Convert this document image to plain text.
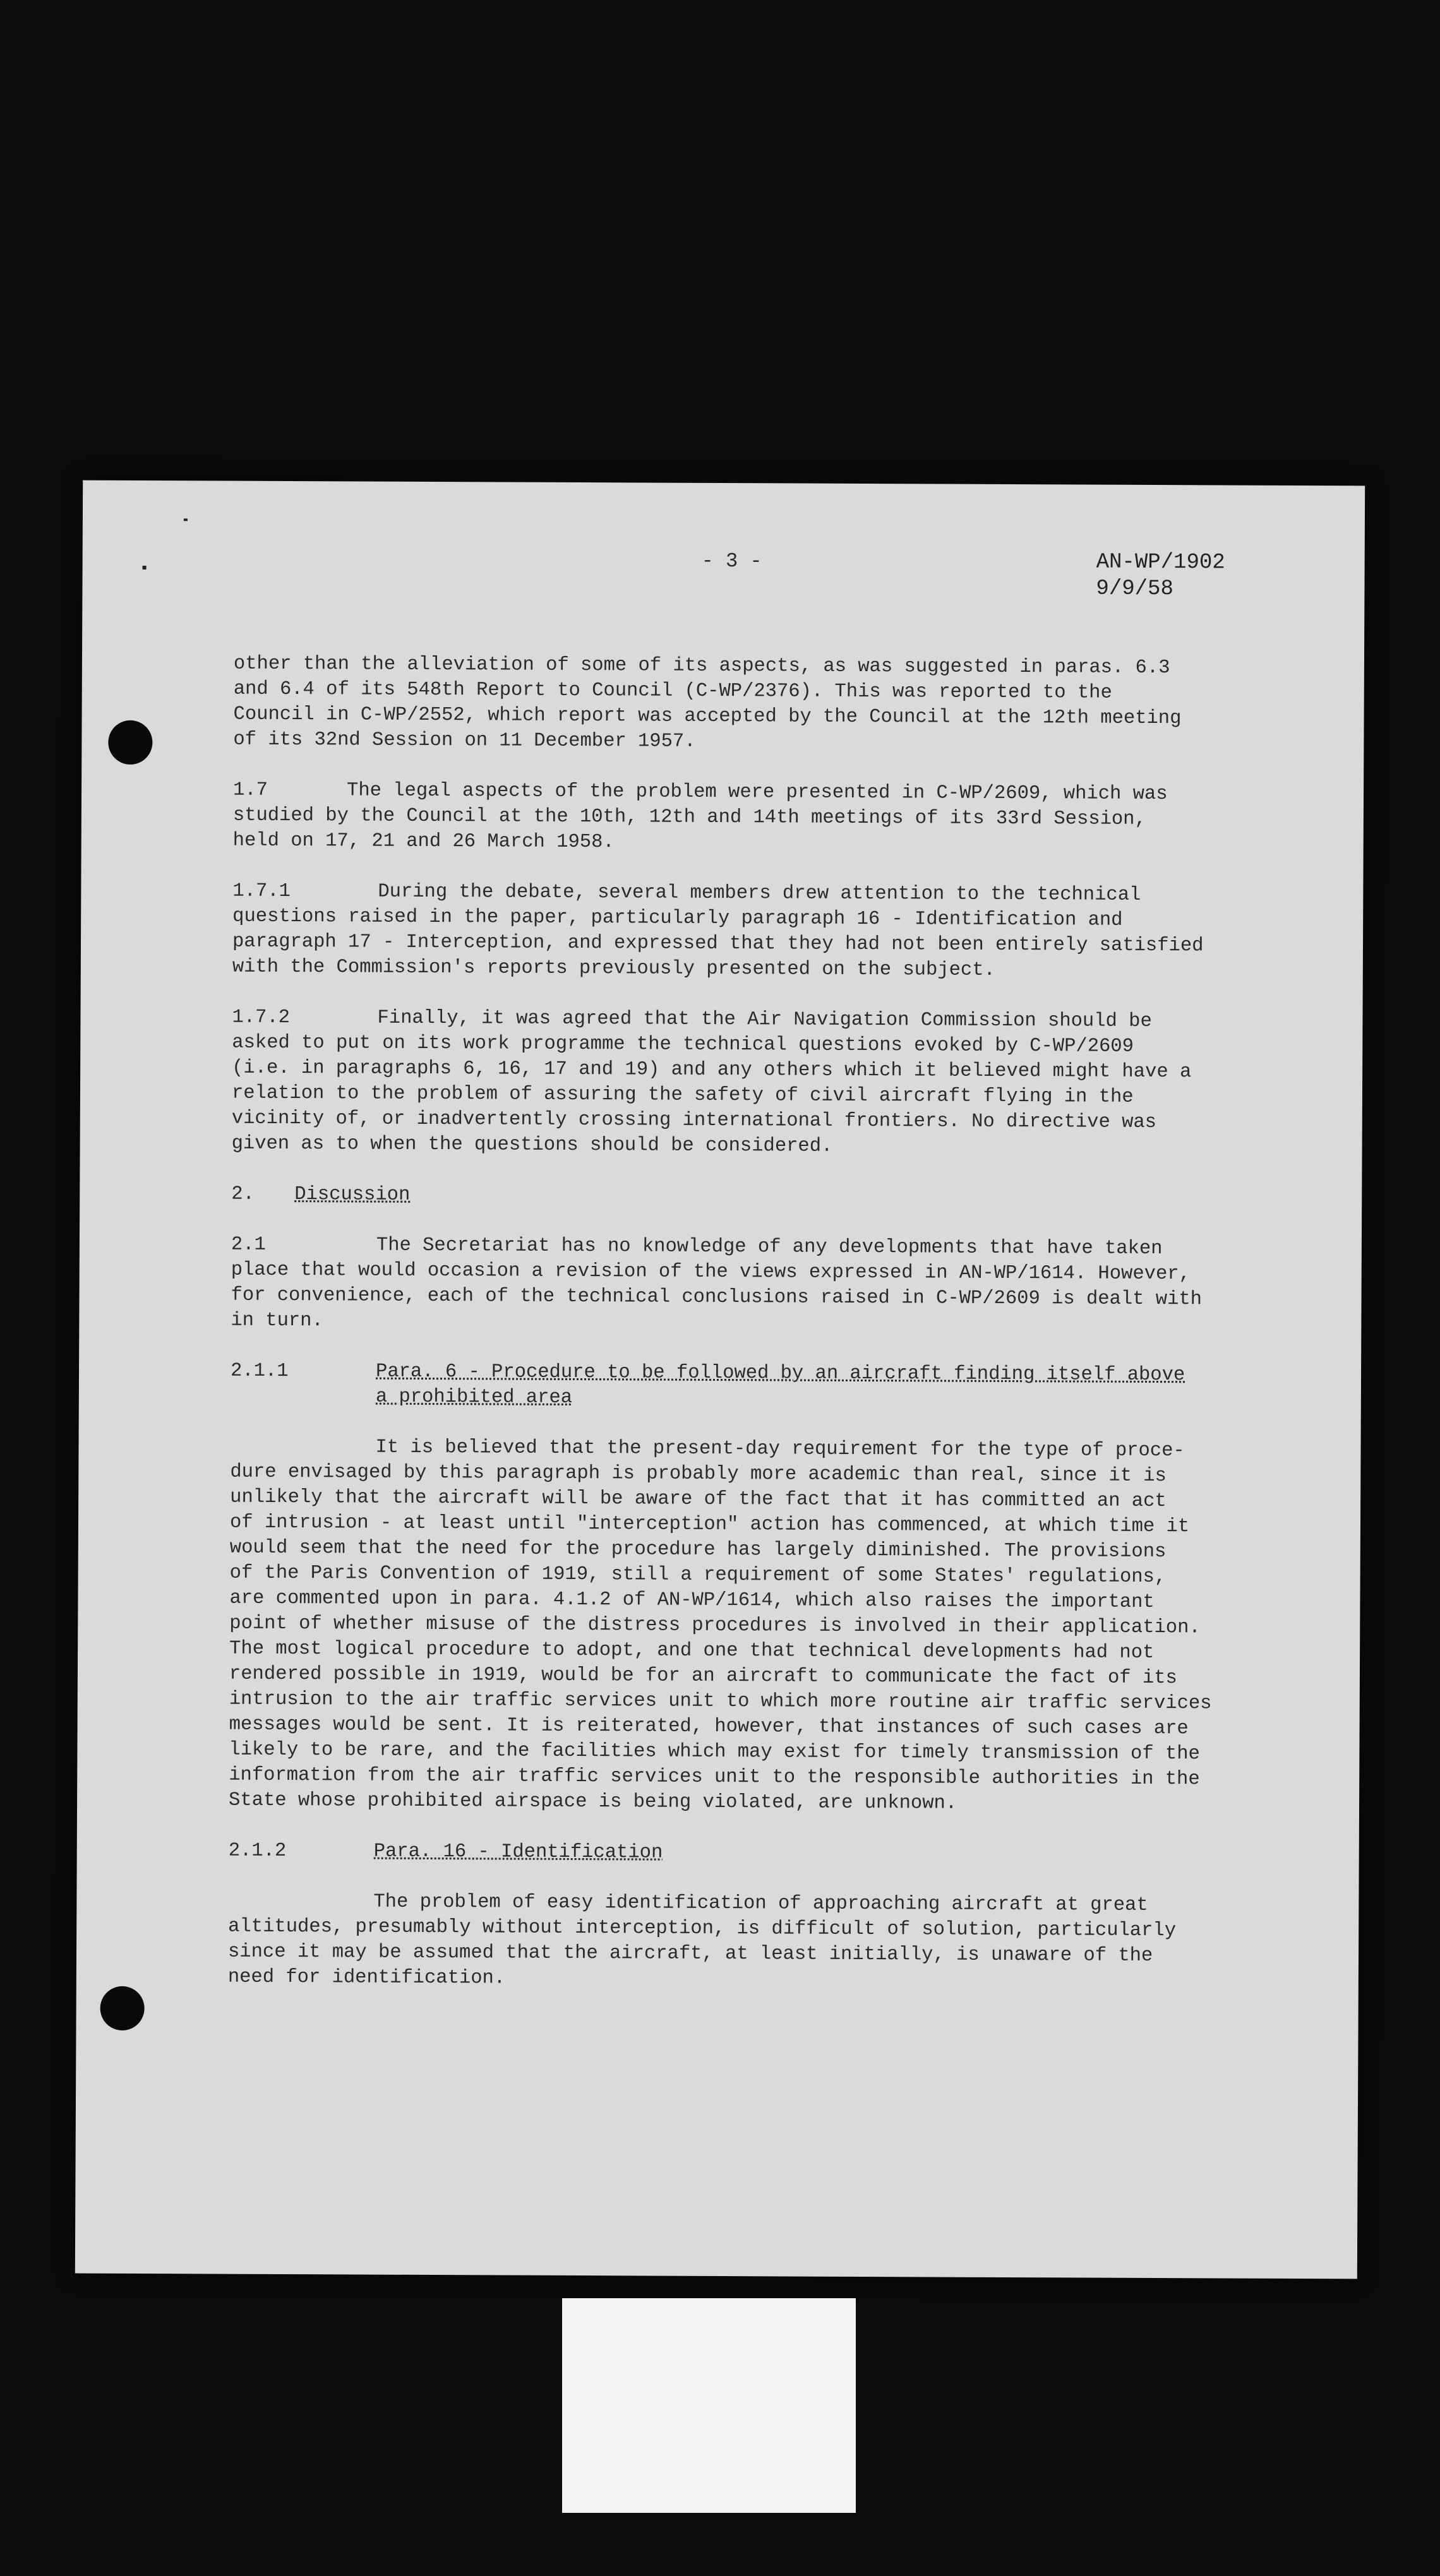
- 3 -	AN-WP/1902
9/9/58
other than the alleviation of some of its aspects, as was suggested in paras. 6.3
and 6.4 of its 548th Report to Council (C-WP/2376). This was reported to the
Council in C-WP/2552, which report was accepted by the Council at the 12th meeting
of its 32nd Session on 11 December 1957.
1.7	The legal aspects of the problem were presented in C-WP/2609, which was
studied by the Council at the 10th, 12th and 14th meetings of its 33rd Session,
held on 17, 21 and 26 March 1958.
1.7.1	During the debate, several members drew attention to the technical
questions raised in the paper, particularly paragraph 16 - Identification and
paragraph 17 - Interception, and expressed that they had not been entirely satisfied
with the Commission's reports previously presented on the subject.
1.7.2	Finally, it was agreed that the Air Navigation Commission should be
asked to put on its work programme the technical questions evoked by C-WP/2609
(i.e. in paragraphs 6, 16, 17 and 19) and any others which it believed might have a
relation to the problem of assuring the safety of civil aircraft flying in the
vicinity of, or inadvertently crossing international frontiers. No directive was
given as to when the questions should be considered.
2. Discussion
2.1	The Secretariat has no knowledge of any developments that have taken
place that would occasion a revision of the views expressed in AN-WP/1614. However,
for convenience, each of the technical conclusions raised in C-WP/2609 is dealt with
in turn.
2.1.1	Para. 6 - Procedure to be followed by an aircraft finding itself above
a prohibited area
It is believed that the present-day requirement for the type of proce-
dure envisaged by this paragraph is probably more academic than real, since it is
unlikely that the aircraft will be aware of the fact that it has committed an act
of intrusion - at least until "interception" action has commenced, at which time it
would seem that the need for the procedure has largely diminished. The provisions
of the Paris Convention of 1919, still a requirement of some States' regulations,
are commented upon in para. 4.1.2 of AN-WP/1614, which also raises the important
point of whether misuse of the distress procedures is involved in their application.
The most logical procedure to adopt, and one that technical developments had not
rendered possible in 1919, would be for an aircraft to communicate the fact of its
intrusion to the air traffic services unit to which more routine air traffic services
messages would be sent. It is reiterated, however, that instances of such cases are
likely to be rare, and the facilities which may exist for timely transmission of the
information from the air traffic services unit to the responsible authorities in the
State whose prohibited airspace is being violated, are unknown.
2.1.2	Para. 16 - Identification
The problem of easy identification of approaching aircraft at great
altitudes, presumably without interception, is difficult of solution, particularly
since it may be assumed that the aircraft, at least initially, is unaware of the
need for identification.
